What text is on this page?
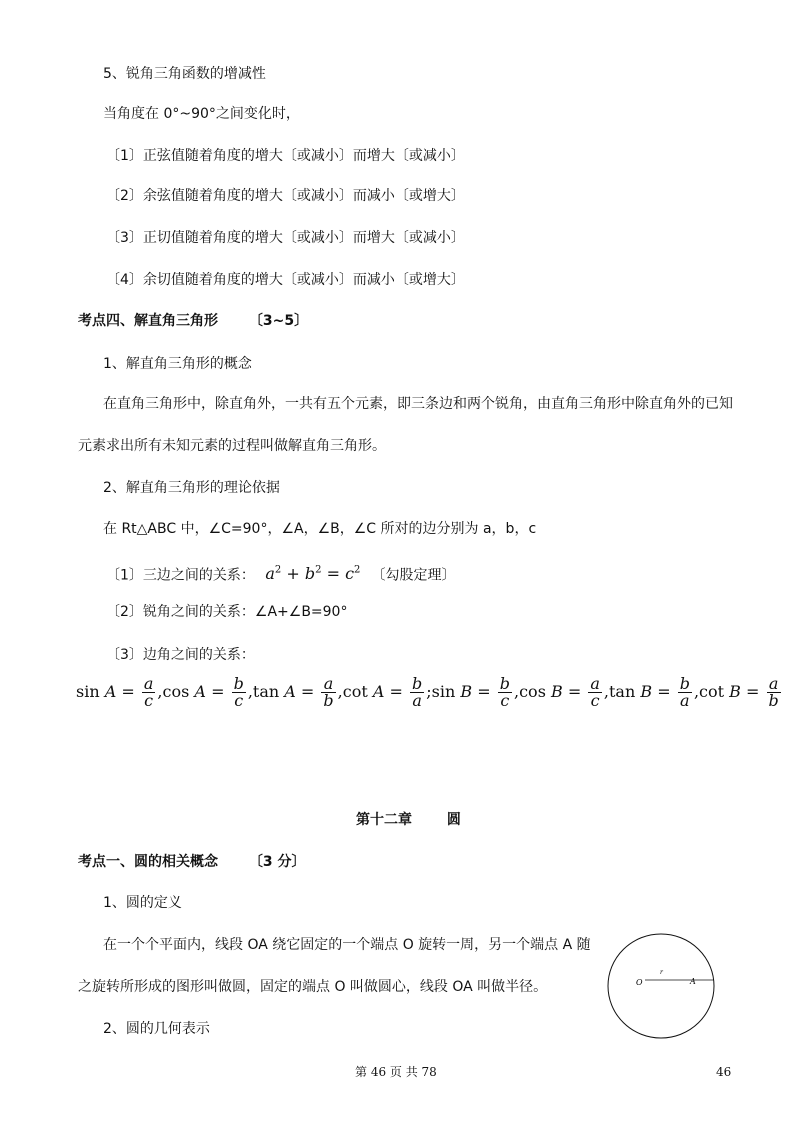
5、锐角三角函数的增减性
当角度在 0°~90°之间变化时，
〔1〕正弦值随着角度的增大〔或减小〕而增大〔或减小〕
〔2〕余弦值随着角度的增大〔或减小〕而减小〔或增大〕
〔3〕正切值随着角度的增大〔或减小〕而增大〔或减小〕
〔4〕余切值随着角度的增大〔或减小〕而减小〔或增大〕
考点四、解直角三角形 〔3~5〕
1、解直角三角形的概念
在直角三角形中，除直角外，一共有五个元素，即三条边和两个锐角，由直角三角形中除直角外的已知
元素求出所有未知元素的过程叫做解直角三角形。
2、解直角三角形的理论依据
在 Rt△ABC 中，∠C=90°，∠A，∠B，∠C 所对的边分别为 a，b，c
〔1〕三边之间的关系： $a^2 + b^2 = c^2$ 〔勾股定理〕
〔2〕锐角之间的关系：∠A+∠B=90°
〔3〕边角之间的关系：
$\sin A = \frac{a}{c} ,\cos$ $A = \frac{b}{c} ,\tan$ $A = \frac{a}{b} ,\cot$ $A = \frac{b}{a}$ ;sin $B = \frac{b}{c} ,\cos$ $B = \frac{a}{c} ,\tan$ $B = \frac{b}{a} ,\cot$ $B = \frac{a}{b}$
第十二章 圆
考点一、圆的相关概念 〔3 分〕
1、圆的定义
在一个个平面内，线段 OA 绕它固定的一个端点 O 旋转一周，另一个端点 A 随
之旋转所形成的图形叫做圆，固定的端点 O 叫做圆心，线段 OA 叫做半径。
2、圆的几何表示
O	A
r
第 46 页 共 78	46
